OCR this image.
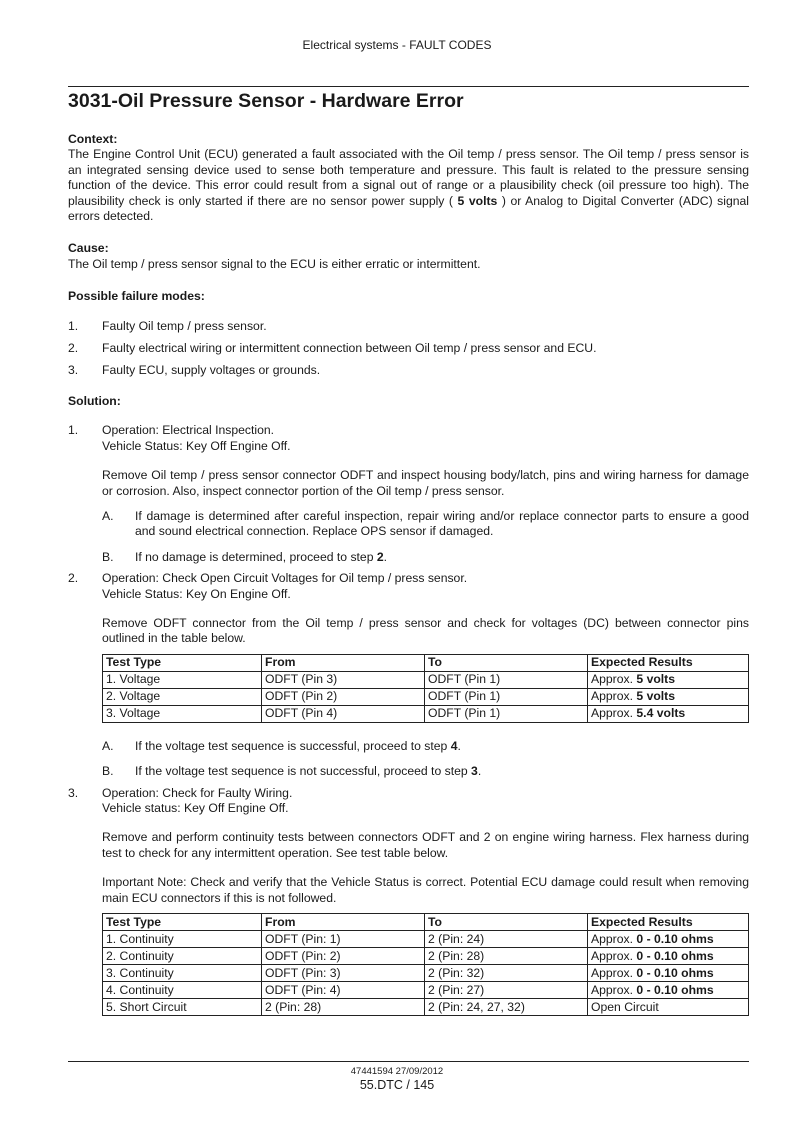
Electrical systems - FAULT CODES
3031-Oil Pressure Sensor - Hardware Error
Context:
The Engine Control Unit (ECU) generated a fault associated with the Oil temp / press sensor. The Oil temp / press sensor is an integrated sensing device used to sense both temperature and pressure. This fault is related to the pressure sensing function of the device. This error could result from a signal out of range or a plausibility check (oil pressure too high). The plausibility check is only started if there are no sensor power supply ( 5 volts ) or Analog to Digital Converter (ADC) signal errors detected.
Cause:
The Oil temp / press sensor signal to the ECU is either erratic or intermittent.
Possible failure modes:
1.	Faulty Oil temp / press sensor.
2.	Faulty electrical wiring or intermittent connection between Oil temp / press sensor and ECU.
3.	Faulty ECU, supply voltages or grounds.
Solution:
1.	Operation: Electrical Inspection.
Vehicle Status: Key Off Engine Off.
Remove Oil temp / press sensor connector ODFT and inspect housing body/latch, pins and wiring harness for damage or corrosion. Also, inspect connector portion of the Oil temp / press sensor.
A.	If damage is determined after careful inspection, repair wiring and/or replace connector parts to ensure a good and sound electrical connection. Replace OPS sensor if damaged.
B.	If no damage is determined, proceed to step 2.
2.	Operation: Check Open Circuit Voltages for Oil temp / press sensor.
Vehicle Status: Key On Engine Off.
Remove ODFT connector from the Oil temp / press sensor and check for voltages (DC) between connector pins outlined in the table below.
Test Type	From	To	Expected Results
1. Voltage	ODFT (Pin 3)	ODFT (Pin 1)	Approx. 5 volts
2. Voltage	ODFT (Pin 2)	ODFT (Pin 1)	Approx. 5 volts
3. Voltage	ODFT (Pin 4)	ODFT (Pin 1)	Approx. 5.4 volts
A.	If the voltage test sequence is successful, proceed to step 4.
B.	If the voltage test sequence is not successful, proceed to step 3.
3.	Operation: Check for Faulty Wiring.
Vehicle status: Key Off Engine Off.
Remove and perform continuity tests between connectors ODFT and 2 on engine wiring harness. Flex harness during test to check for any intermittent operation. See test table below.
Important Note: Check and verify that the Vehicle Status is correct. Potential ECU damage could result when removing main ECU connectors if this is not followed.
Test Type	From	To	Expected Results
1. Continuity	ODFT (Pin: 1)	2 (Pin: 24)	Approx. 0 - 0.10 ohms
2. Continuity	ODFT (Pin: 2)	2 (Pin: 28)	Approx. 0 - 0.10 ohms
3. Continuity	ODFT (Pin: 3)	2 (Pin: 32)	Approx. 0 - 0.10 ohms
4. Continuity	ODFT (Pin: 4)	2 (Pin: 27)	Approx. 0 - 0.10 ohms
5. Short Circuit	2 (Pin: 28)	2 (Pin: 24, 27, 32)	Open Circuit
47441594 27/09/2012
55.DTC / 145
